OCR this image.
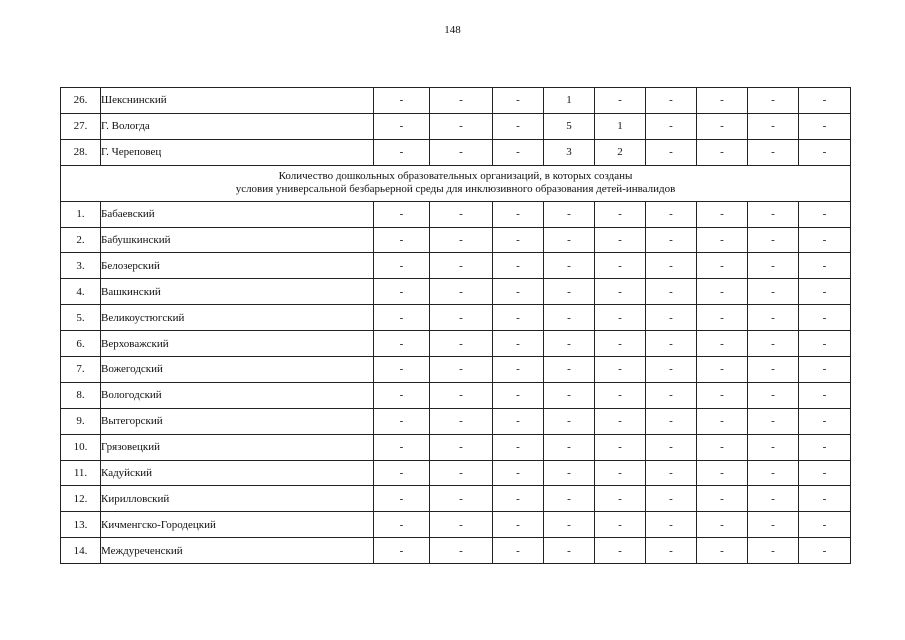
148
26.	Шекснинский	-	-	-	1	-	-	-	-	-
27.	Г. Вологда	-	-	-	5	1	-	-	-	-
28.	Г. Череповец	-	-	-	3	2	-	-	-	-

Количество дошкольных образовательных организаций, в которых созданы
условия универсальной безбарьерной среды для инклюзивного образования детей-инвалидов										

1.	Бабаевский	-	-	-	-	-	-	-	-	-
2.	Бабушкинский	-	-	-	-	-	-	-	-	-
3.	Белозерский	-	-	-	-	-	-	-	-	-
4.	Вашкинский	-	-	-	-	-	-	-	-	-
5.	Великоустюгский	-	-	-	-	-	-	-	-	-
6.	Верховажский	-	-	-	-	-	-	-	-	-
7.	Вожегодский	-	-	-	-	-	-	-	-	-
8.	Вологодский	-	-	-	-	-	-	-	-	-
9.	Вытегорский	-	-	-	-	-	-	-	-	-
10.	Грязовецкий	-	-	-	-	-	-	-	-	-
11.	Кадуйский	-	-	-	-	-	-	-	-	-
12.	Кирилловский	-	-	-	-	-	-	-	-	-
13.	Кичменгско-Городецкий	-	-	-	-	-	-	-	-	-
14.	Междуреченский	-	-	-	-	-	-	-	-	-
